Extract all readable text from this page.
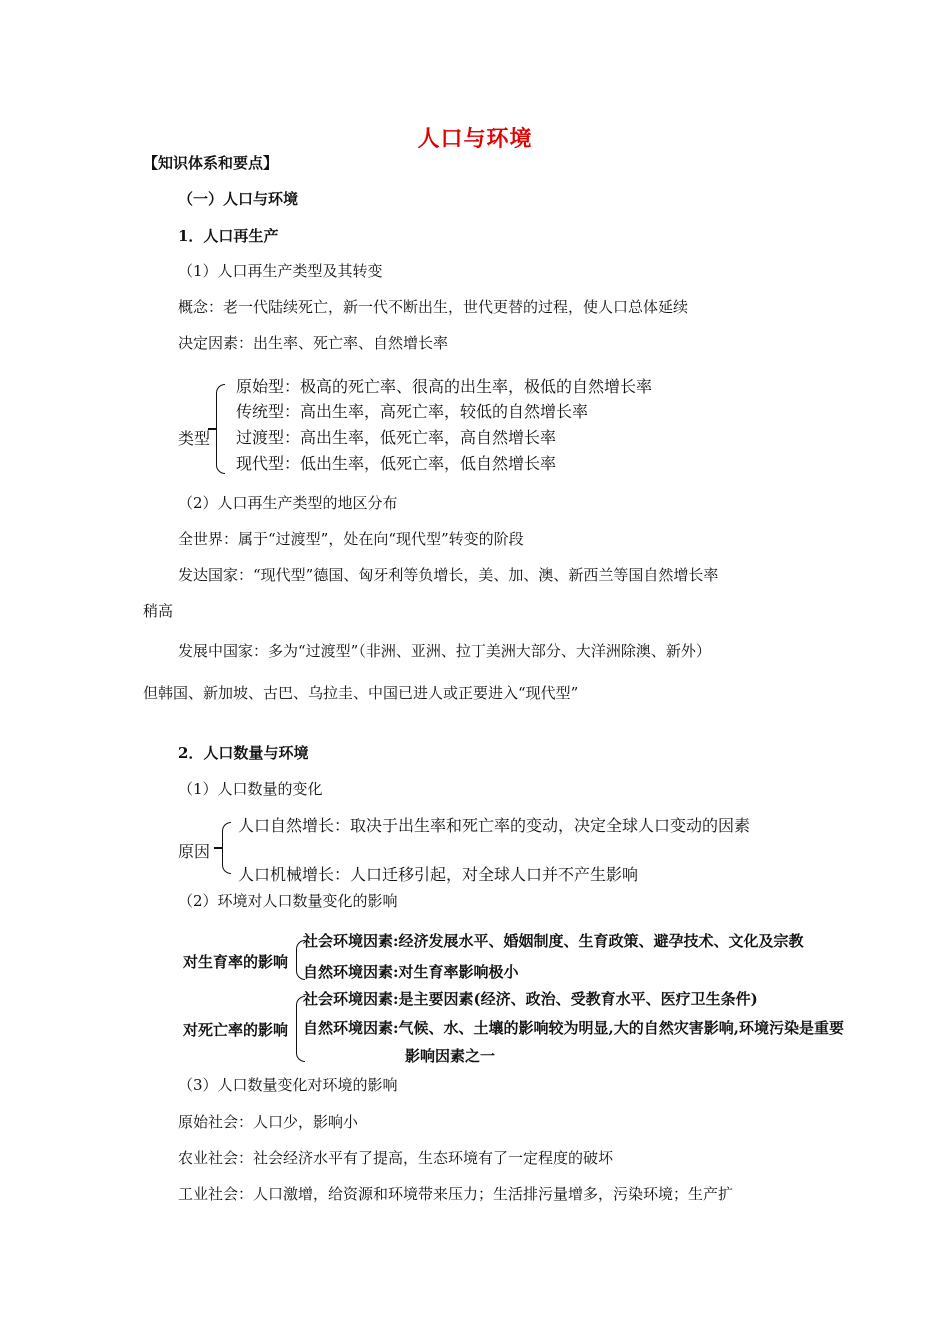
人口与环境
【知识体系和要点】
（一）人口与环境
1．人口再生产
（1）人口再生产类型及其转变
概念：老一代陆续死亡，新一代不断出生，世代更替的过程，使人口总体延续
决定因素：出生率、死亡率、自然增长率
类型
原始型：极高的死亡率、很高的出生率，极低的自然增长率
传统型：高出生率，高死亡率，较低的自然增长率
过渡型：高出生率，低死亡率，高自然增长率
现代型：低出生率，低死亡率，低自然增长率
（2）人口再生产类型的地区分布
全世界：属于“过渡型”，处在向“现代型”转变的阶段
发达国家：“现代型”德国、匈牙利等负增长，美、加、澳、新西兰等国自然增长率
稍高
发展中国家：多为“过渡型”（非洲、亚洲、拉丁美洲大部分、大洋洲除澳、新外）
但韩国、新加坡、古巴、乌拉圭、中国已进人或正要进入“现代型”
2．人口数量与环境
（1）人口数量的变化
原因
人口自然增长：取决于出生率和死亡率的变动，决定全球人口变动的因素
人口机械增长：人口迁移引起，对全球人口并不产生影响
（2）环境对人口数量变化的影响
对生育率的影响
社会环境因素:经济发展水平、婚姻制度、生育政策、避孕技术、文化及宗教
自然环境因素:对生育率影响极小
对死亡率的影响
社会环境因素:是主要因素(经济、政治、受教育水平、医疗卫生条件)
自然环境因素:气候、水、土壤的影响较为明显,大的自然灾害影响,环境污染是重要
影响因素之一
（3）人口数量变化对环境的影响
原始社会：人口少，影响小
农业社会：社会经济水平有了提高，生态环境有了一定程度的破坏
工业社会：人口激增，给资源和环境带来压力；生活排污量增多，污染环境；生产扩
